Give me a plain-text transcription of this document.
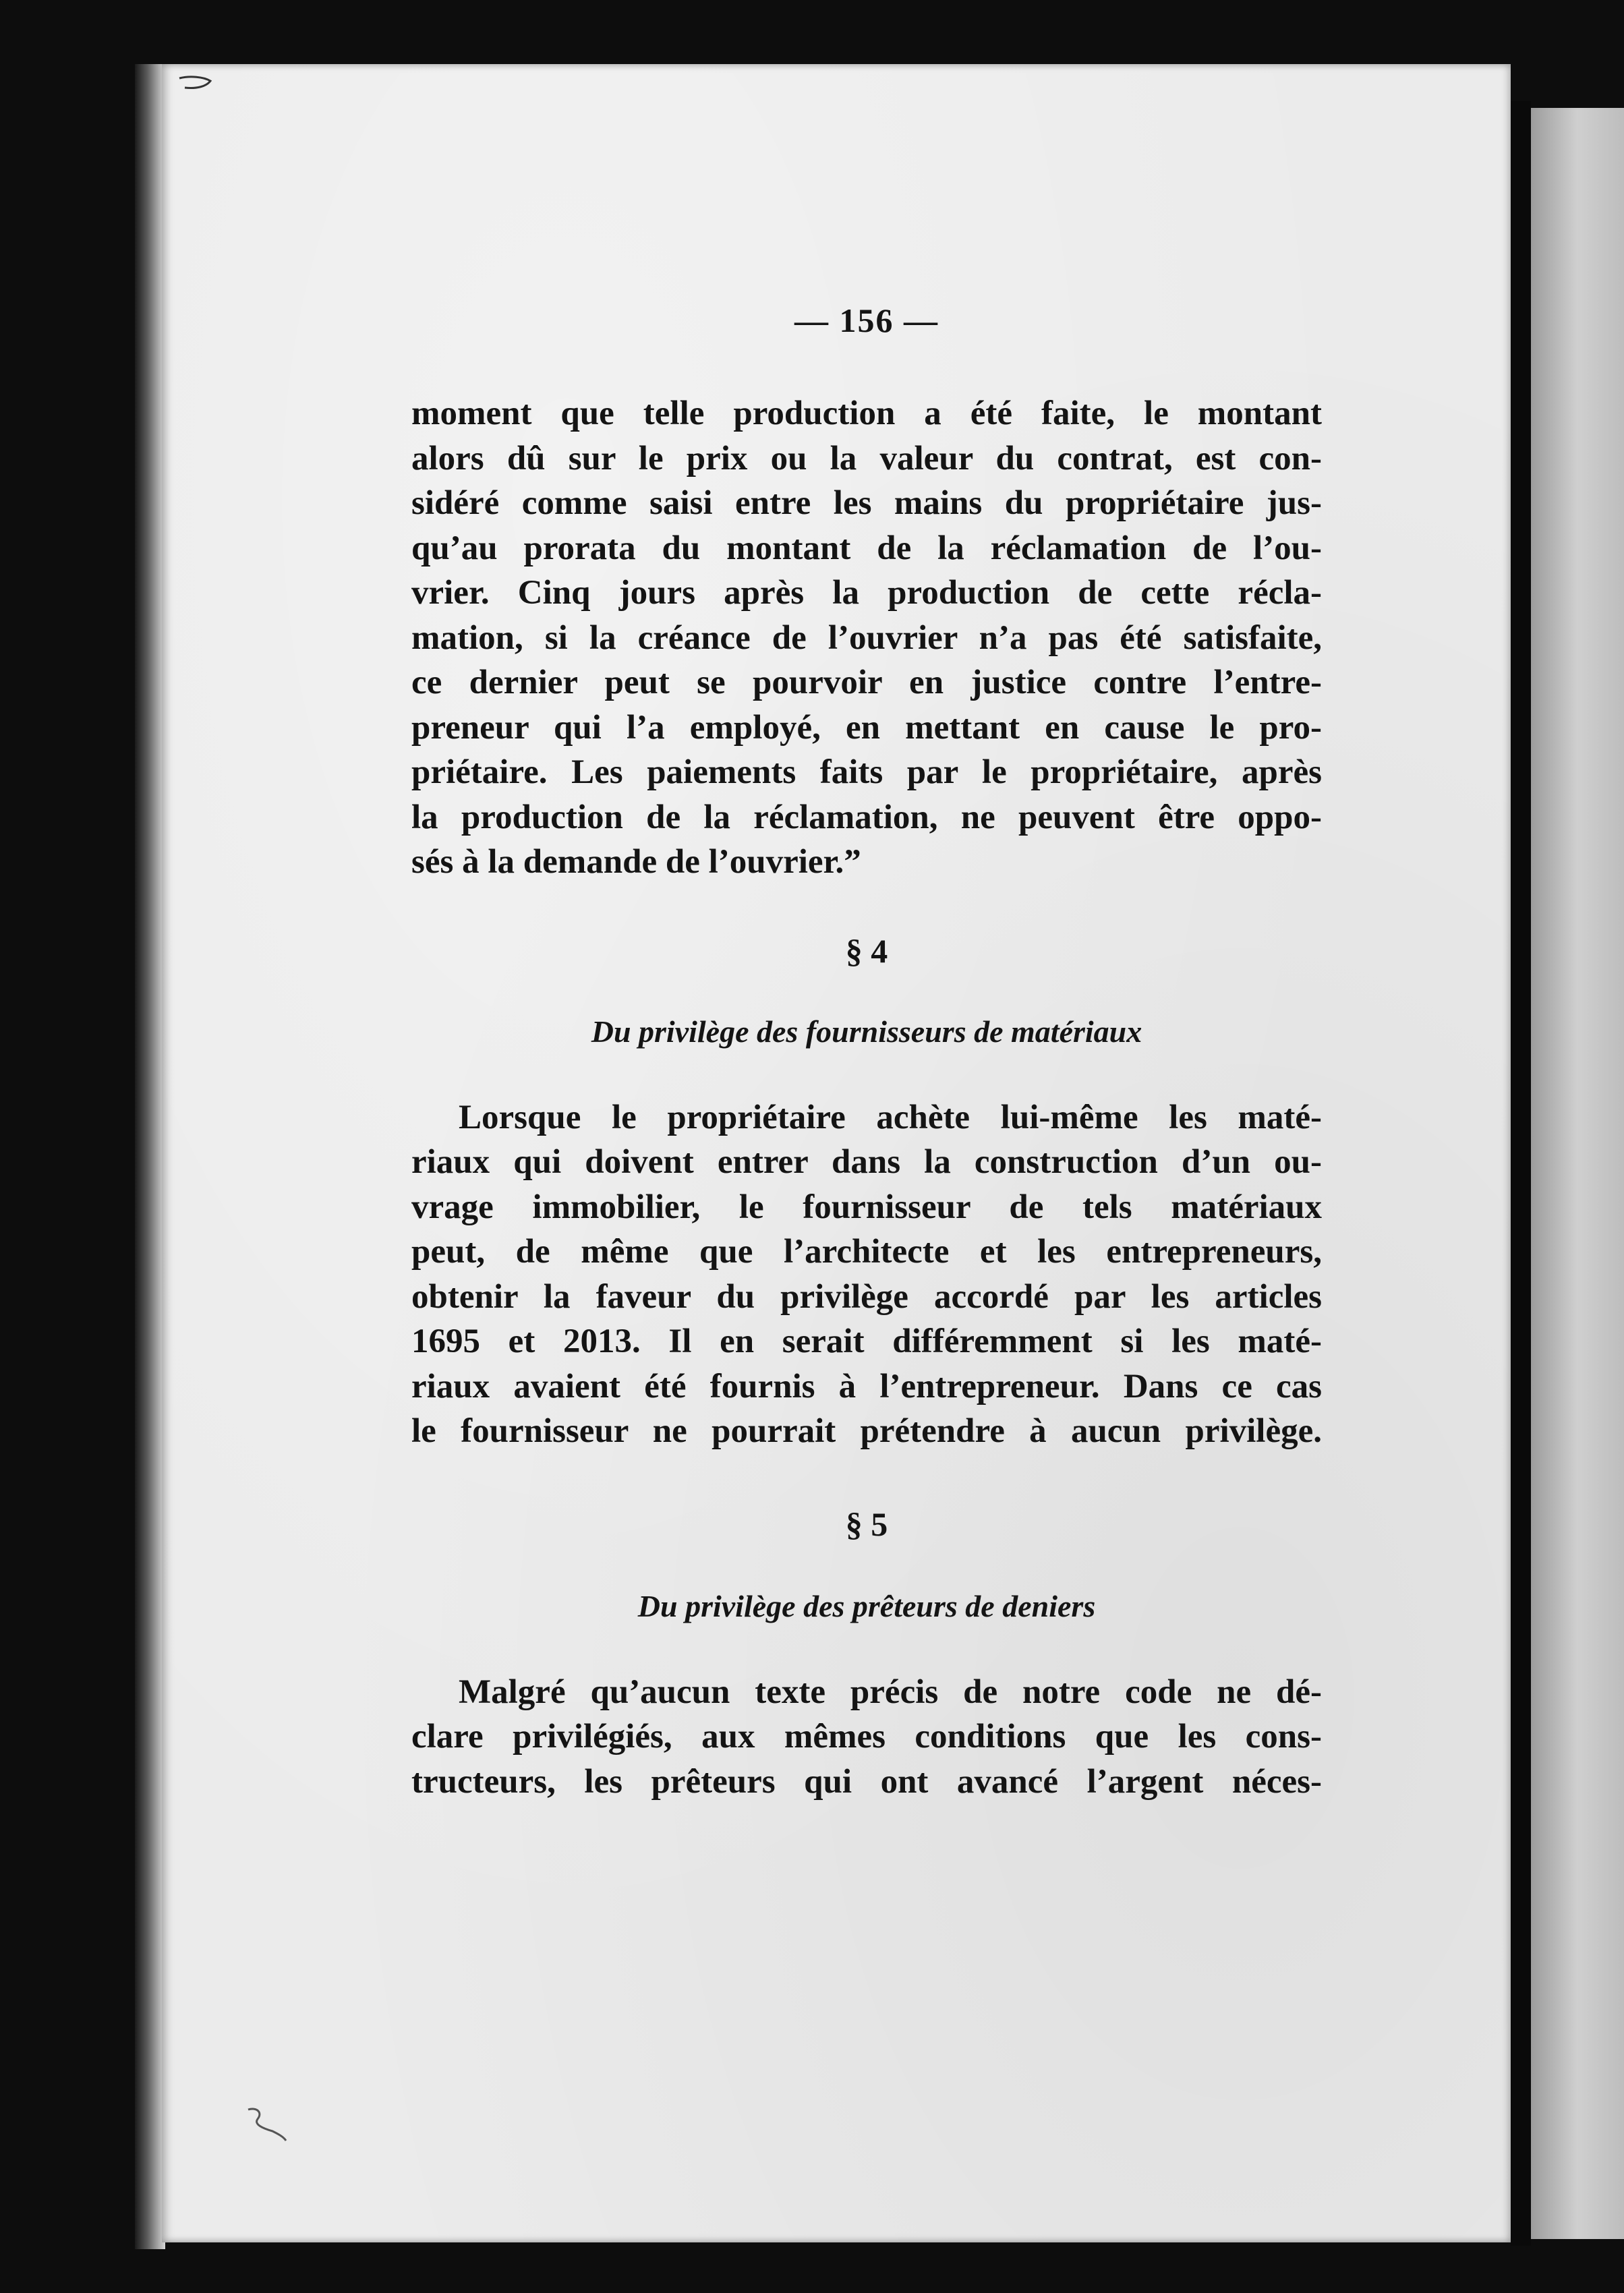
— 156 —
moment que telle production a été faite, le montant
alors dû sur le prix ou la valeur du contrat, est con-
sidéré comme saisi entre les mains du propriétaire jus-
qu’au prorata du montant de la réclamation de l’ou-
vrier. Cinq jours après la production de cette récla-
mation, si la créance de l’ouvrier n’a pas été satisfaite,
ce dernier peut se pourvoir en justice contre l’entre-
preneur qui l’a employé, en mettant en cause le pro-
priétaire. Les paiements faits par le propriétaire, après
la production de la réclamation, ne peuvent être oppo-
sés à la demande de l’ouvrier.”
§ 4
Du privilège des fournisseurs de matériaux
Lorsque le propriétaire achète lui-même les maté-
riaux qui doivent entrer dans la construction d’un ou-
vrage immobilier, le fournisseur de tels matériaux
peut, de même que l’architecte et les entrepreneurs,
obtenir la faveur du privilège accordé par les articles
1695 et 2013. Il en serait différemment si les maté-
riaux avaient été fournis à l’entrepreneur. Dans ce cas
le fournisseur ne pourrait prétendre à aucun privilège.
§ 5
Du privilège des prêteurs de deniers
Malgré qu’aucun texte précis de notre code ne dé-
clare privilégiés, aux mêmes conditions que les cons-
tructeurs, les prêteurs qui ont avancé l’argent néces-
